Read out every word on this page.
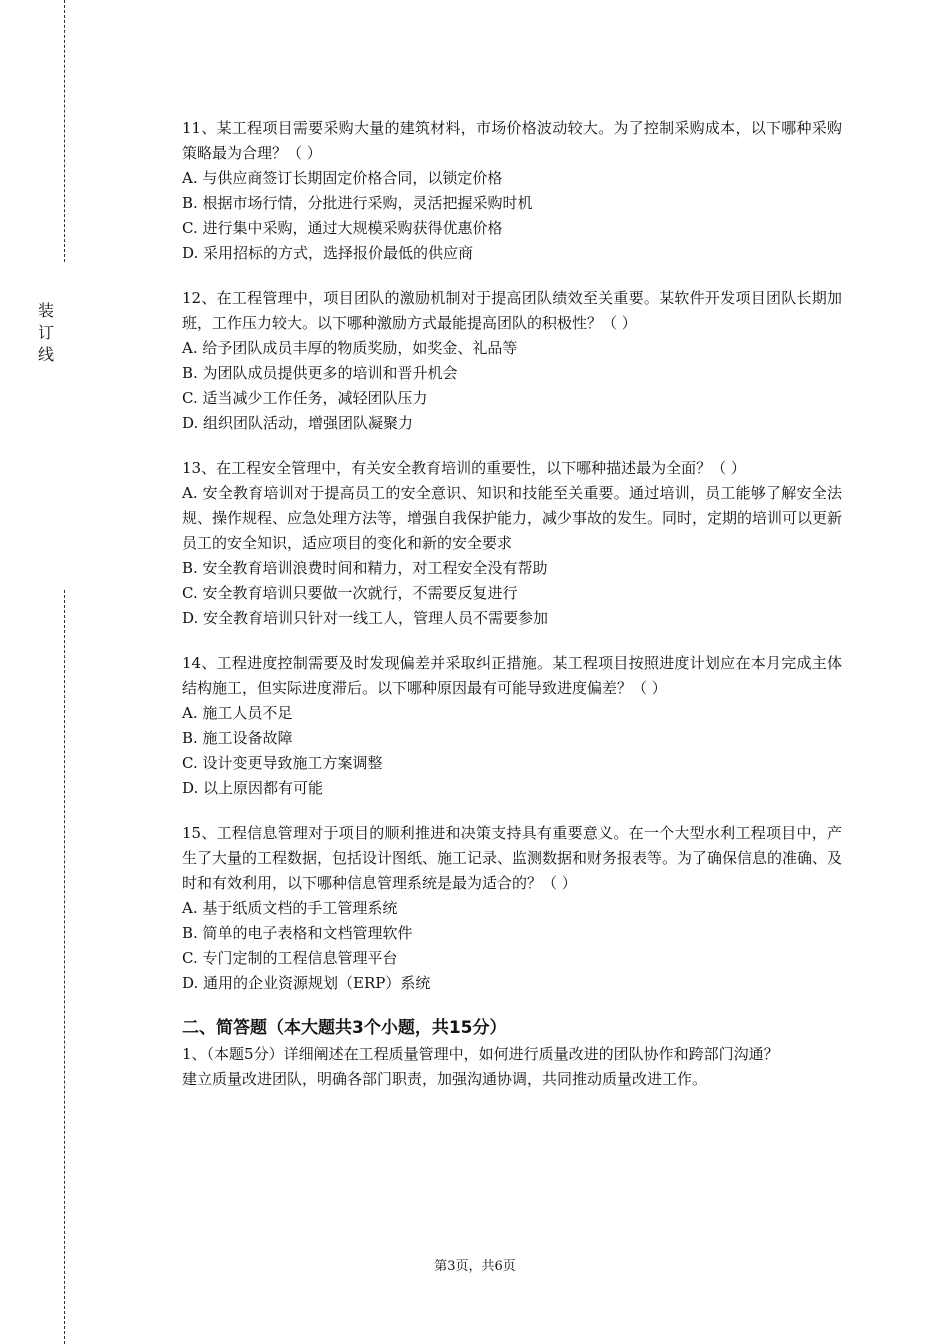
装
订
线
11、某工程项目需要采购大量的建筑材料，市场价格波动较大。为了控制采购成本，以下哪种采购策略最为合理？（ ）
A. 与供应商签订长期固定价格合同，以锁定价格
B. 根据市场行情，分批进行采购，灵活把握采购时机
C. 进行集中采购，通过大规模采购获得优惠价格
D. 采用招标的方式，选择报价最低的供应商
12、在工程管理中，项目团队的激励机制对于提高团队绩效至关重要。某软件开发项目团队长期加班，工作压力较大。以下哪种激励方式最能提高团队的积极性？（ ）
A. 给予团队成员丰厚的物质奖励，如奖金、礼品等
B. 为团队成员提供更多的培训和晋升机会
C. 适当减少工作任务，减轻团队压力
D. 组织团队活动，增强团队凝聚力
13、在工程安全管理中，有关安全教育培训的重要性，以下哪种描述最为全面？（ ）
A. 安全教育培训对于提高员工的安全意识、知识和技能至关重要。通过培训，员工能够了解安全法规、操作规程、应急处理方法等，增强自我保护能力，减少事故的发生。同时，定期的培训可以更新员工的安全知识，适应项目的变化和新的安全要求
B. 安全教育培训浪费时间和精力，对工程安全没有帮助
C. 安全教育培训只要做一次就行，不需要反复进行
D. 安全教育培训只针对一线工人，管理人员不需要参加
14、工程进度控制需要及时发现偏差并采取纠正措施。某工程项目按照进度计划应在本月完成主体结构施工，但实际进度滞后。以下哪种原因最有可能导致进度偏差？（ ）
A. 施工人员不足
B. 施工设备故障
C. 设计变更导致施工方案调整
D. 以上原因都有可能
15、工程信息管理对于项目的顺利推进和决策支持具有重要意义。在一个大型水利工程项目中，产生了大量的工程数据，包括设计图纸、施工记录、监测数据和财务报表等。为了确保信息的准确、及时和有效利用，以下哪种信息管理系统是最为适合的？（ ）
A. 基于纸质文档的手工管理系统
B. 简单的电子表格和文档管理软件
C. 专门定制的工程信息管理平台
D. 通用的企业资源规划（ERP）系统
二、简答题（本大题共3个小题，共15分）
1、（本题5分）详细阐述在工程质量管理中，如何进行质量改进的团队协作和跨部门沟通？
建立质量改进团队，明确各部门职责，加强沟通协调，共同推动质量改进工作。
第3页，共6页
